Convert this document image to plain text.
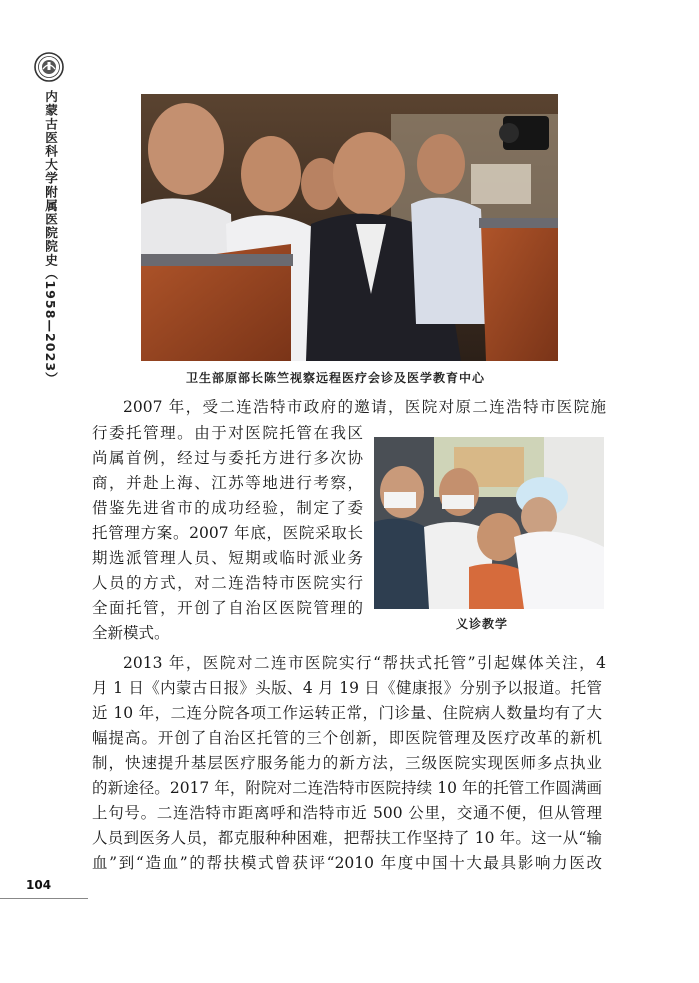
内蒙古医科大学附属医院院史（1958—2023）	卫生部原部长陈竺视察远程医疗会诊及医学教育中心
义诊教学
2007 年，受二连浩特市政府的邀请，医院对原二连浩特市医院施
行委托管理。由于对医院托管在我区
尚属首例，经过与委托方进行多次协
商，并赴上海、江苏等地进行考察，
借鉴先进省市的成功经验，制定了委
托管理方案。2007 年底，医院采取长
期选派管理人员、短期或临时派业务
人员的方式，对二连浩特市医院实行
全面托管，开创了自治区医院管理的
全新模式。
2013 年，医院对二连市医院实行“帮扶式托管”引起媒体关注，4
月 1 日《内蒙古日报》头版、4 月 19 日《健康报》分别予以报道。托管
近 10 年，二连分院各项工作运转正常，门诊量、住院病人数量均有了大
幅提高。开创了自治区托管的三个创新，即医院管理及医疗改革的新机
制，快速提升基层医疗服务能力的新方法，三级医院实现医师多点执业
的新途径。2017 年，附院对二连浩特市医院持续 10 年的托管工作圆满画
上句号。二连浩特市距离呼和浩特市近 500 公里，交通不便，但从管理
人员到医务人员，都克服种种困难，把帮扶工作坚持了 10 年。这一从“输
血”到“造血”的帮扶模式曾获评“2010 年度中国十大最具影响力医改
104
